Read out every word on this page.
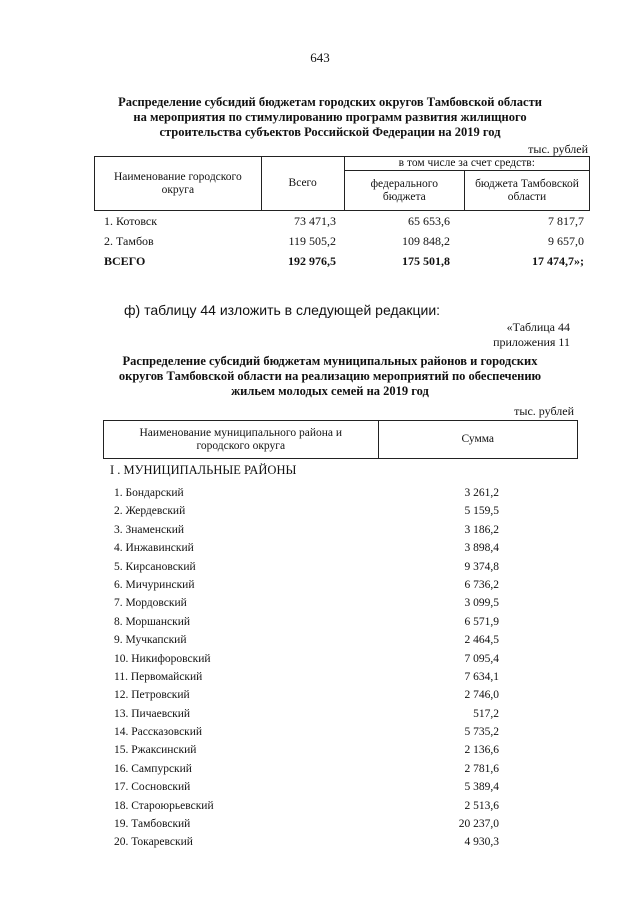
643
Распределение субсидий бюджетам городских округов Тамбовской области
на мероприятия по стимулированию программ развития жилищного
строительства субъектов Российской Федерации на 2019 год
тыс. рублей
Наименование городского округа	Всего	в том числе за счет средств:	
		федерального бюджета	бюджета Тамбовской области
1. Котовск	73 471,3	65 653,6	7 817,7
2. Тамбов	119 505,2	109 848,2	9 657,0
ВСЕГО	192 976,5	175 501,8	17 474,7»;
ф) таблицу 44 изложить в следующей редакции:
«Таблица 44
приложения 11
Распределение субсидий бюджетам муниципальных районов и городских
округов Тамбовской области на реализацию мероприятий по обеспечению
жильем молодых семей на 2019 год
тыс. рублей
Наименование муниципального района и городского округа	Сумма
I . МУНИЦИПАЛЬНЫЕ РАЙОНЫ
1. Бондарский	3 261,2
2. Жердевский	5 159,5
3. Знаменский	3 186,2
4. Инжавинский	3 898,4
5. Кирсановский	9 374,8
6. Мичуринский	6 736,2
7. Мордовский	3 099,5
8. Моршанский	6 571,9
9. Мучкапский	2 464,5
10. Никифоровский	7 095,4
11. Первомайский	7 634,1
12. Петровский	2 746,0
13. Пичаевский	517,2
14. Рассказовский	5 735,2
15. Ржаксинский	2 136,6
16. Сампурский	2 781,6
17. Сосновский	5 389,4
18. Староюрьевский	2 513,6
19. Тамбовский	20 237,0
20. Токаревский	4 930,3
